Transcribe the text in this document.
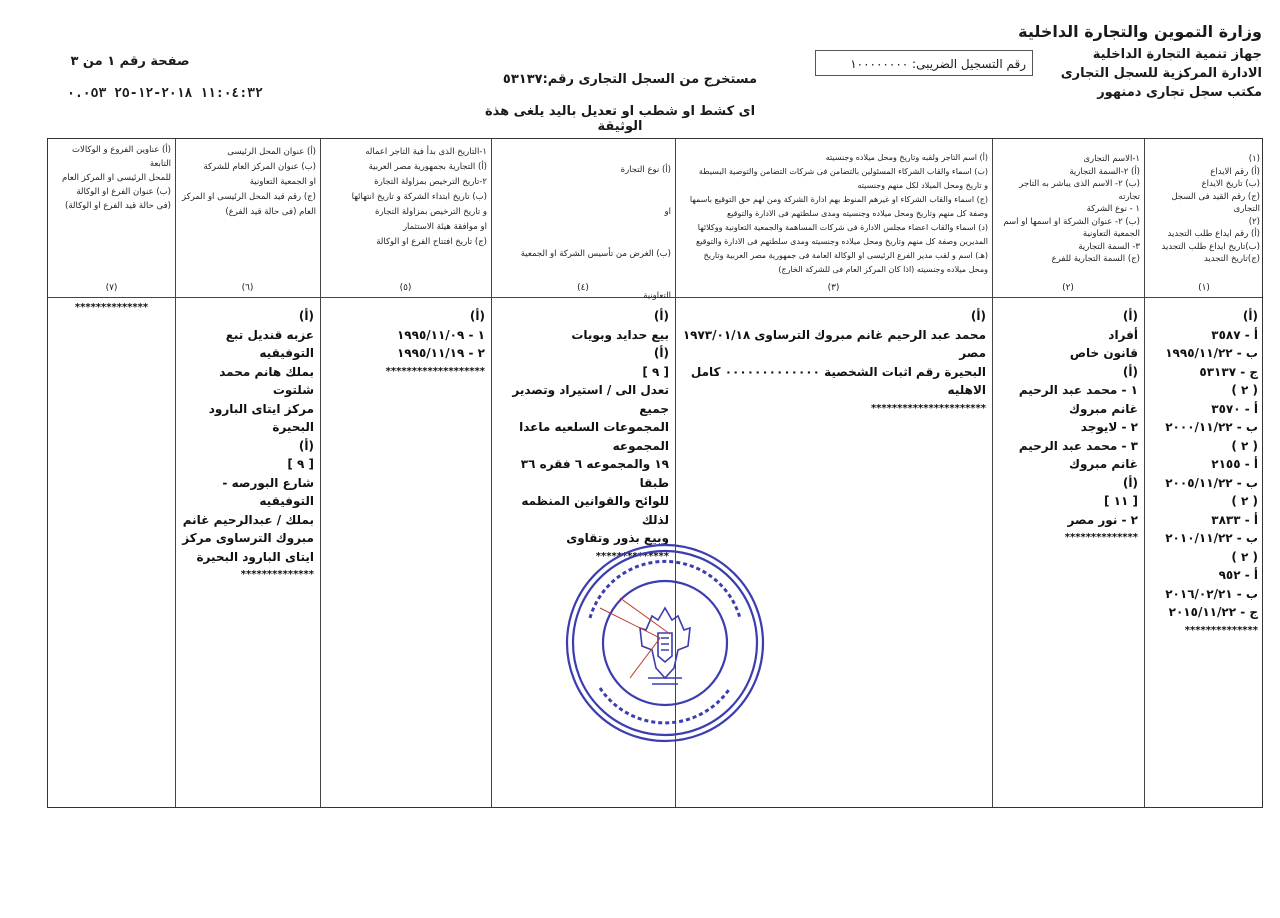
وزارة التموين والتجارة الداخلية
جهاز تنمية التجارة الداخلية
الادارة المركزية للسجل التجارى
مكتب سجل تجارى دمنهور
رقم التسجيل الضريبى: ١٠٠٠٠٠٠٠٠
مستخرج من السجل التجارى رقم:٥٣١٣٧
اى كشط او شطب او تعديل باليد يلغى هذة الوثيقة
صفحة رقم ١ من ٣
١١:٠٤:٣٢ ٢٠١٨-١٢-٢٥ ٠.٠٥٣
(١)
(أ) رقم الايداع
(ب) تاريخ الايداع
(ج) رقم القيد فى السجل التجارى
(٢)
(أ) رقم ايداع طلب التجديد
(ب)تاريخ ايداع طلب التجديد
(ج)تاريخ التجديد
١-الاسم التجارى
(أ) ٢-السمة التجارية
(ب) ٢- الاسم الذى يباشر به التاجر تجارته
١ - نوع الشركة
(ب) ٢- عنوان الشركة او اسمها او اسم
الجمعية التعاونية
٣- السمة التجارية
(ج) السمة التجارية للفرع
(أ) اسم التاجر ولقبه وتاريخ ومحل ميلاده وجنسيته
(ب) اسماء والقاب الشركاء المسئولين بالتضامن فى شركات التضامن والتوصية البسيطة
و تاريخ ومحل الميلاد لكل منهم وجنسيته
(ج) اسماء والقاب الشركاء او غيرهم المنوط بهم ادارة الشركة ومن لهم حق التوقيع باسمها
وصفة كل منهم وتاريخ ومحل ميلاده وجنسيته ومدى سلطتهم فى الادارة والتوقيع
(د) اسماء والقاب اعضاء مجلس الادارة فى شركات المساهمة والجمعية التعاونية ووكلائها
المديرين وصفة كل منهم وتاريخ ومحل ميلاده وجنسيته ومدى سلطتهم فى الادارة والتوقيع
(هـ) اسم و لقب مدير الفرع الرئيسى او الوكالة العامة فى جمهورية مصر العربية وتاريخ
ومحل ميلاده وجنسيته (اذا كان المركز العام فى للشركة الخارج)
(أ) نوع التجارة
او
(ب) الغرض من تأسيس الشركة او الجمعية التعاونية
١-التاريخ الذى بدأ فية التاجر اعماله
(أ) التجارية بجمهورية مصر العربية
٢-تاريخ الترخيص بمزاولة التجارة
(ب) تاريخ ابتداء الشركة و تاريخ انتهائها
و تاريخ الترخيص بمزاولة التجارة
او موافقة هيئة الاستثمار
(ج) تاريخ افتتاح الفرع او الوكالة
(أ) عنوان المحل الرئيسى
(ب) عنوان المركز العام للشركة
او الجمعية التعاونية
(ج) رقم قيد المحل الرئيسى او المركز
العام (فى حالة قيد الفرع)
(أ) عناوين الفروع و الوكالات التابعة
للمحل الرئيسى او المركز العام
(ب) عنوان الفرع او الوكالة
(فى حالة قيد الفرع او الوكالة)
(١)
(٢)
(٣)
(٤)
(٥)
(٦)
(٧)
(أ)
أ - ٣٥٨٧
ب - ١٩٩٥/١١/٢٢
ج - ٥٣١٣٧
( ٢ )
أ - ٣٥٧٠
ب - ٢٠٠٠/١١/٢٢
( ٢ )
أ - ٢١٥٥
ب - ٢٠٠٥/١١/٢٢
( ٢ )
أ - ٣٨٣٣
ب - ٢٠١٠/١١/٢٢
( ٢ )
أ - ٩٥٢
ب - ٢٠١٦/٠٢/٢١
ج - ٢٠١٥/١١/٢٢
**************
(أ)
أفراد
قانون خاص
(أ)
١ - محمد عبد الرحيم
غانم مبروك
٢ - لايوجد
٣ - محمد عبد الرحيم
غانم مبروك
(أ)
[ ١١ ]
٢ - نور مصر
**************
(أ)
محمد عبد الرحيم غانم مبروك الترساوى ١٩٧٣/٠١/١٨ مصر
البحيرة رقم اثبات الشخصية ٠٠٠٠٠٠٠٠٠٠٠٠٠ كامل الاهليه
**********************
(أ)
بيع حدايد وبويات
(أ)
[ ٩ ]
تعدل الى / استيراد وتصدير جميع
المجموعات السلعيه ماعدا المجموعه
١٩ والمجموعه ٦ فقره ٣٦ طبقا
للوائح والقوانين المنظمه لذلك
وبيع بذور وتقاوى
**************
(أ)
١ - ١٩٩٥/١١/٠٩
٢ - ١٩٩٥/١١/١٩
*******************
(أ)
عزبه قنديل تبع التوفيقيه
بملك هانم محمد شلتوت
مركز ايتاى البارود البحيرة
(أ)
[ ٩ ]
شارع البورصه - التوفيقيه
بملك / عبدالرحيم غانم
مبروك الترساوى مركز
ايتاى البارود البحيرة
**************
**************
